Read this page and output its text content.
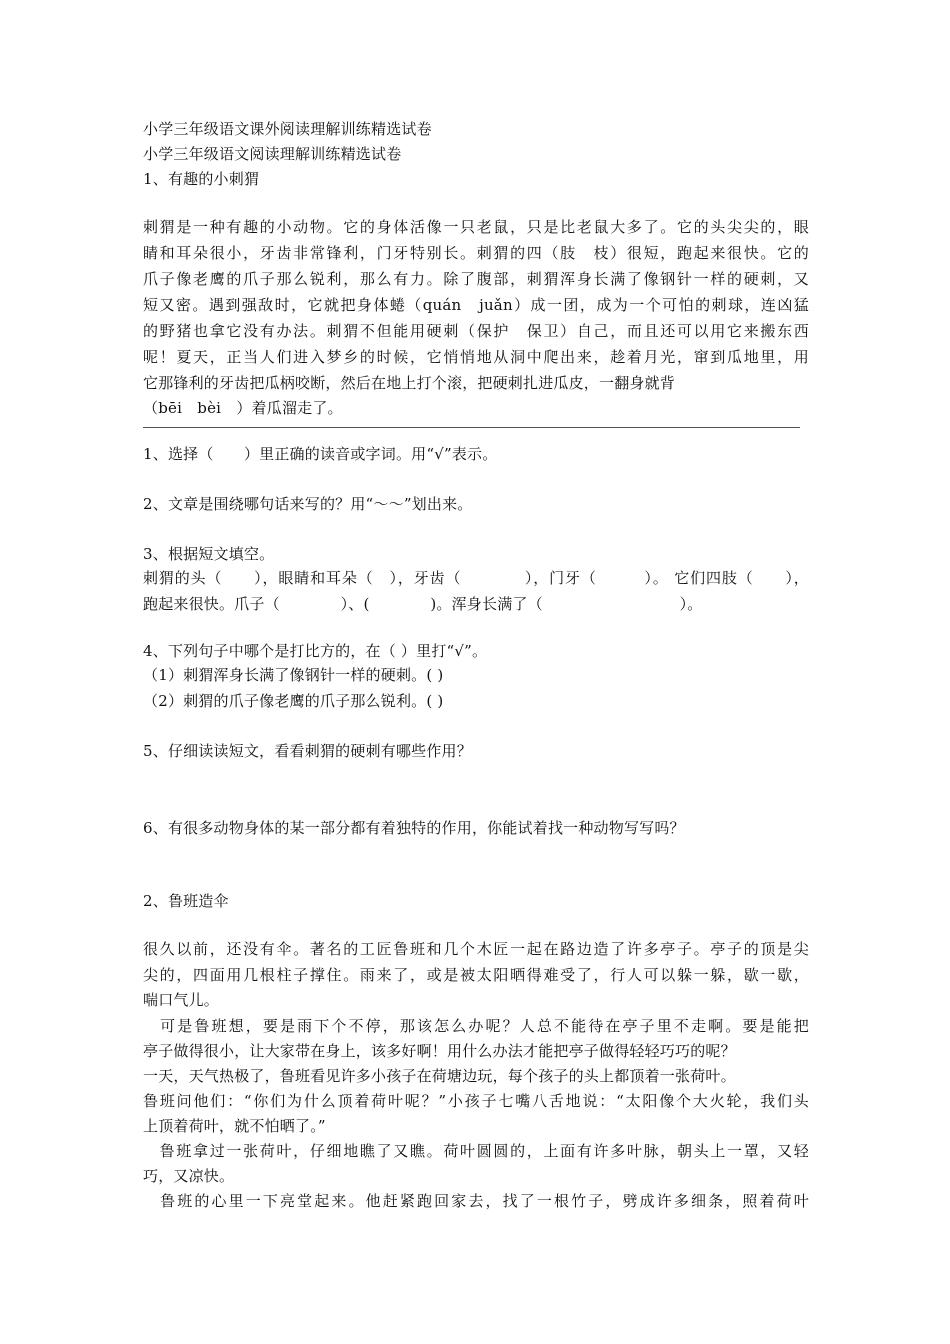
小学三年级语文课外阅读理解训练精选试卷
小学三年级语文阅读理解训练精选试卷
1、有趣的小刺猬
刺猬是一种有趣的小动物。它的身体活像一只老鼠，只是比老鼠大多了。它的头尖尖的，眼
睛和耳朵很小，牙齿非常锋利，门牙特别长。刺猬的四（肢　枝）很短，跑起来很快。它的
爪子像老鹰的爪子那么锐利，那么有力。除了腹部，刺猬浑身长满了像钢针一样的硬刺，又
短又密。遇到强敌时，它就把身体蜷（quán　juǎn）成一团，成为一个可怕的刺球，连凶猛
的野猪也拿它没有办法。刺猬不但能用硬刺（保护　保卫）自己，而且还可以用它来搬东西
呢！夏天，正当人们进入梦乡的时候，它悄悄地从洞中爬出来，趁着月光，窜到瓜地里，用
它那锋利的牙齿把瓜柄咬断，然后在地上打个滚，把硬刺扎进瓜皮，一翻身就背
（bēi　bèi　）着瓜溜走了。
1、选择（　　）里正确的读音或字词。用“√”表示。
2、文章是围绕哪句话来写的？用“～～”划出来。
3、根据短文填空。
刺猬的头（　　），眼睛和耳朵（　），牙齿（　　　　），门牙（　　　）。 它们四肢（　　），
跑起来很快。爪子（　　　　）、(　　　　)。浑身长满了（　　　　　　　　　）。
4、下列句子中哪个是打比方的，在（ ）里打“√”。
（1）刺猬浑身长满了像钢针一样的硬刺。( )
（2）刺猬的爪子像老鹰的爪子那么锐利。( )
5、仔细读读短文，看看刺猬的硬刺有哪些作用？
6、有很多动物身体的某一部分都有着独特的作用，你能试着找一种动物写写吗？
2、鲁班造伞
很久以前，还没有伞。著名的工匠鲁班和几个木匠一起在路边造了许多亭子。亭子的顶是尖
尖的，四面用几根柱子撑住。雨来了，或是被太阳晒得难受了，行人可以躲一躲，歇一歇，
喘口气儿。
　可是鲁班想，要是雨下个不停，那该怎么办呢？人总不能待在亭子里不走啊。要是能把
亭子做得很小，让大家带在身上，该多好啊！用什么办法才能把亭子做得轻轻巧巧的呢？
一天，天气热极了，鲁班看见许多小孩子在荷塘边玩，每个孩子的头上都顶着一张荷叶。
鲁班问他们：“你们为什么顶着荷叶呢？”小孩子七嘴八舌地说：“太阳像个大火轮，我们头
上顶着荷叶，就不怕晒了。”
　鲁班拿过一张荷叶，仔细地瞧了又瞧。荷叶圆圆的，上面有许多叶脉，朝头上一罩，又轻
巧，又凉快。
　鲁班的心里一下亮堂起来。他赶紧跑回家去，找了一根竹子，劈成许多细条，照着荷叶
